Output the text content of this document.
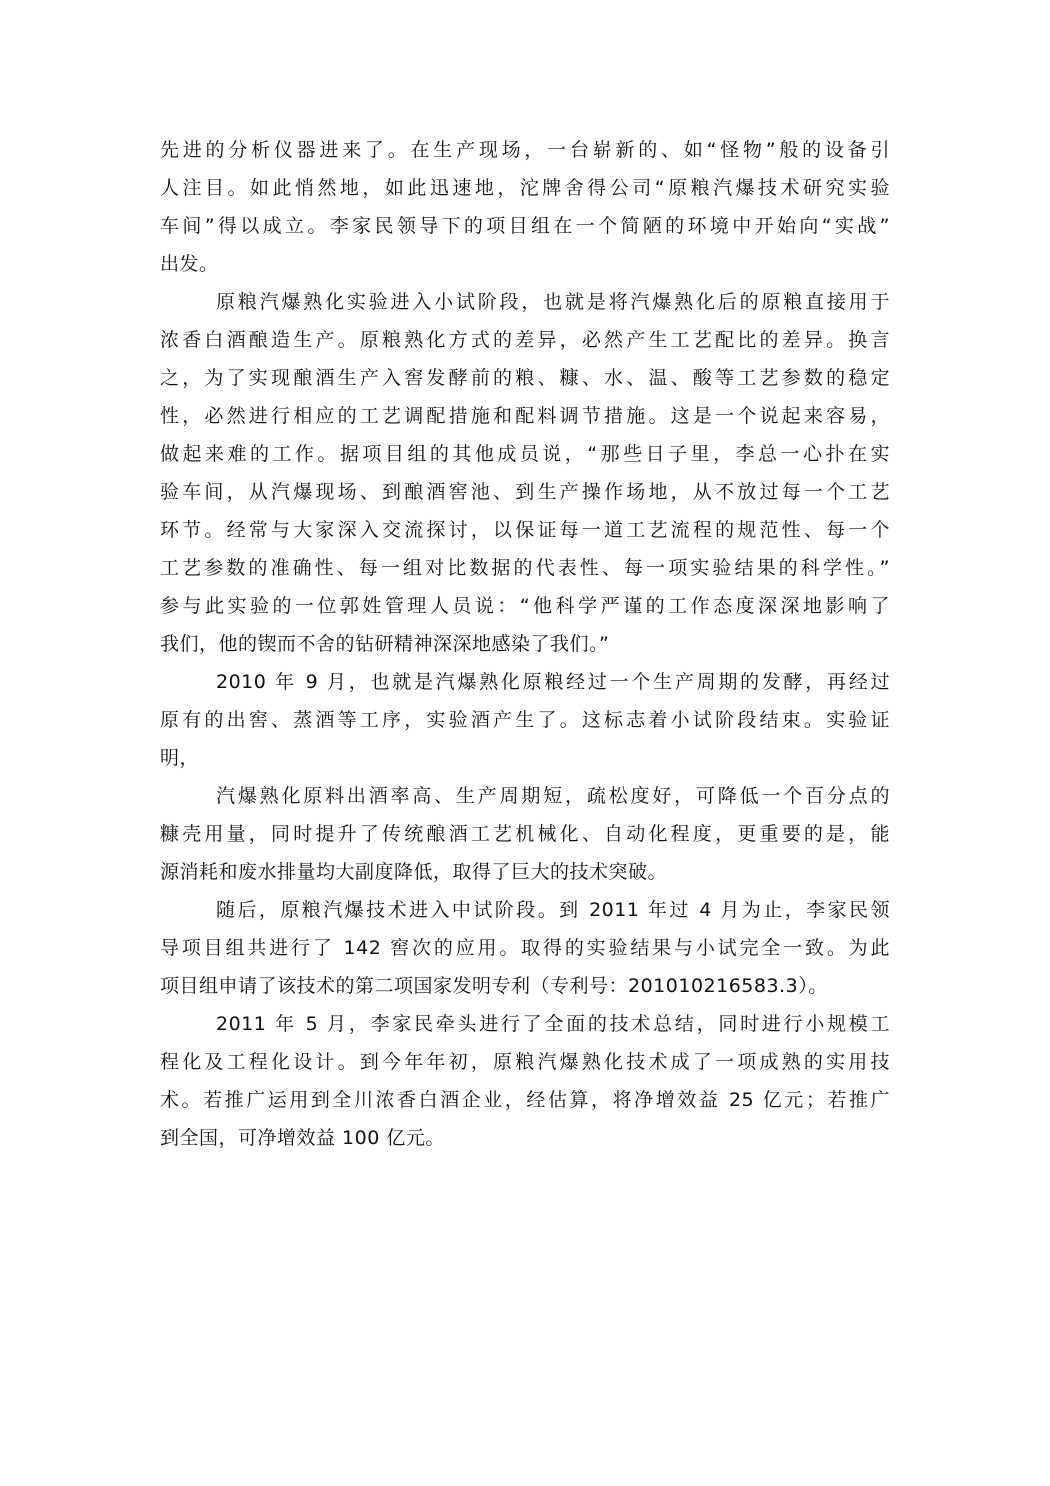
先进的分析仪器进来了。在生产现场，一台崭新的、如“怪物”般的设备引
人注目。如此悄然地，如此迅速地，沱牌舍得公司“原粮汽爆技术研究实验
车间”得以成立。李家民领导下的项目组在一个简陋的环境中开始向“实战”
出发。
原粮汽爆熟化实验进入小试阶段，也就是将汽爆熟化后的原粮直接用于
浓香白酒酿造生产。原粮熟化方式的差异，必然产生工艺配比的差异。换言
之，为了实现酿酒生产入窖发酵前的粮、糠、水、温、酸等工艺参数的稳定
性，必然进行相应的工艺调配措施和配料调节措施。这是一个说起来容易，
做起来难的工作。据项目组的其他成员说，“那些日子里，李总一心扑在实
验车间，从汽爆现场、到酿酒窖池、到生产操作场地，从不放过每一个工艺
环节。经常与大家深入交流探讨，以保证每一道工艺流程的规范性、每一个
工艺参数的准确性、每一组对比数据的代表性、每一项实验结果的科学性。”
参与此实验的一位郭姓管理人员说：“他科学严谨的工作态度深深地影响了
我们，他的锲而不舍的钻研精神深深地感染了我们。”
2010 年 9 月，也就是汽爆熟化原粮经过一个生产周期的发酵，再经过
原有的出窖、蒸酒等工序，实验酒产生了。这标志着小试阶段结束。实验证
明，
汽爆熟化原料出酒率高、生产周期短，疏松度好，可降低一个百分点的
糠壳用量，同时提升了传统酿酒工艺机械化、自动化程度，更重要的是，能
源消耗和废水排量均大副度降低，取得了巨大的技术突破。
随后，原粮汽爆技术进入中试阶段。到 2011 年过 4 月为止，李家民领
导项目组共进行了 142 窖次的应用。取得的实验结果与小试完全一致。为此
项目组申请了该技术的第二项国家发明专利（专利号：201010216583.3）。
2011 年 5 月，李家民牵头进行了全面的技术总结，同时进行小规模工
程化及工程化设计。到今年年初，原粮汽爆熟化技术成了一项成熟的实用技
术。若推广运用到全川浓香白酒企业，经估算，将净增效益 25 亿元；若推广
到全国，可净增效益 100 亿元。
